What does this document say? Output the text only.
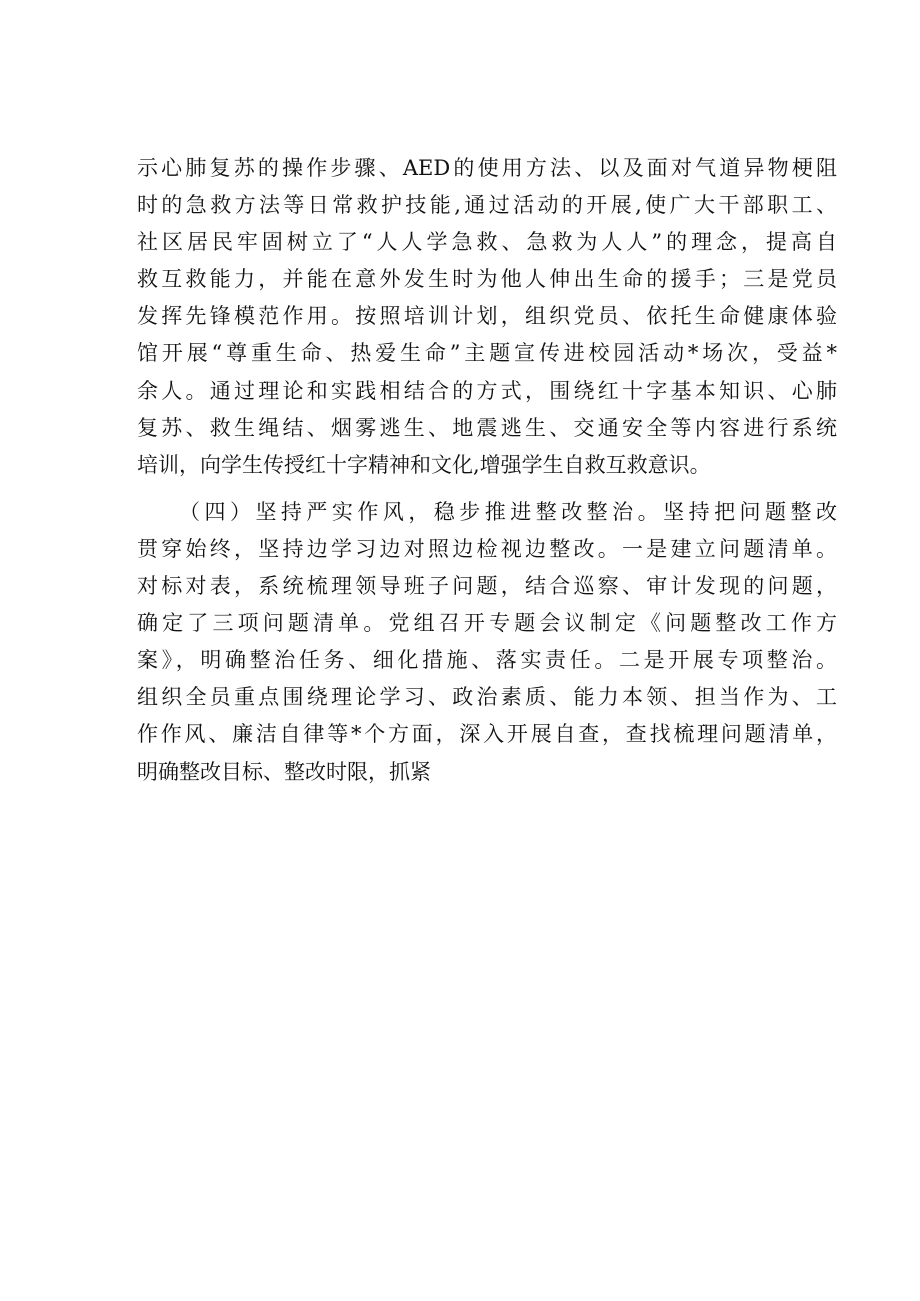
示心肺复苏的操作步骤、AED的使用方法、以及面对气道异物梗阻
时的急救方法等日常救护技能,通过活动的开展,使广大干部职工、
社区居民牢固树立了“人人学急救、急救为人人”的理念，提高自
救互救能力，并能在意外发生时为他人伸出生命的援手；三是党员
发挥先锋模范作用。按照培训计划，组织党员、依托生命健康体验
馆开展“尊重生命、热爱生命”主题宣传进校园活动*场次，受益*
余人。通过理论和实践相结合的方式，围绕红十字基本知识、心肺
复苏、救生绳结、烟雾逃生、地震逃生、交通安全等内容进行系统
培训，向学生传授红十字精神和文化,增强学生自救互救意识。
（四）坚持严实作风，稳步推进整改整治。坚持把问题整改
贯穿始终，坚持边学习边对照边检视边整改。一是建立问题清单。
对标对表，系统梳理领导班子问题，结合巡察、审计发现的问题，
确定了三项问题清单。党组召开专题会议制定《问题整改工作方
案》，明确整治任务、细化措施、落实责任。二是开展专项整治。
组织全员重点围绕理论学习、政治素质、能力本领、担当作为、工
作作风、廉洁自律等*个方面，深入开展自查，查找梳理问题清单，
明确整改目标、整改时限，抓紧
